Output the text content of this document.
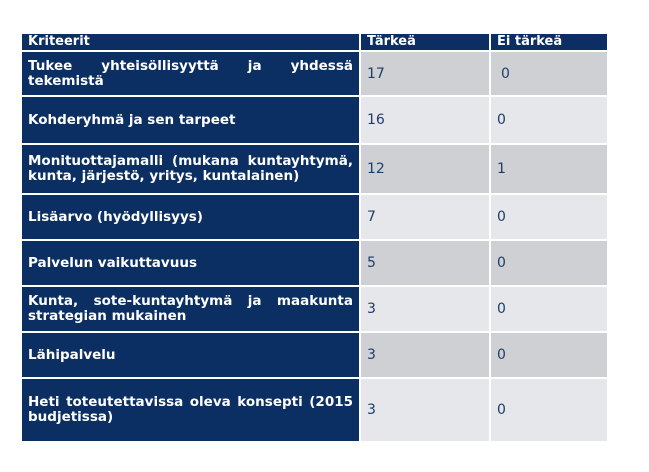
Kriteerit	Tärkeä	Ei tärkeä
Tukee yhteisöllisyyttä ja yhdessä tekemistä	17	0
Kohderyhmä ja sen tarpeet	16	0
Monituottajamalli (mukana kuntayhtymä, kunta, järjestö, yritys, kuntalainen)	12	1
Lisäarvo (hyödyllisyys)	7	0
Palvelun vaikuttavuus	5	0
Kunta, sote-kuntayhtymä ja maakunta strategian mukainen	3	0
Lähipalvelu	3	0
Heti toteutettavissa oleva konsepti (2015 budjetissa)	3	0
